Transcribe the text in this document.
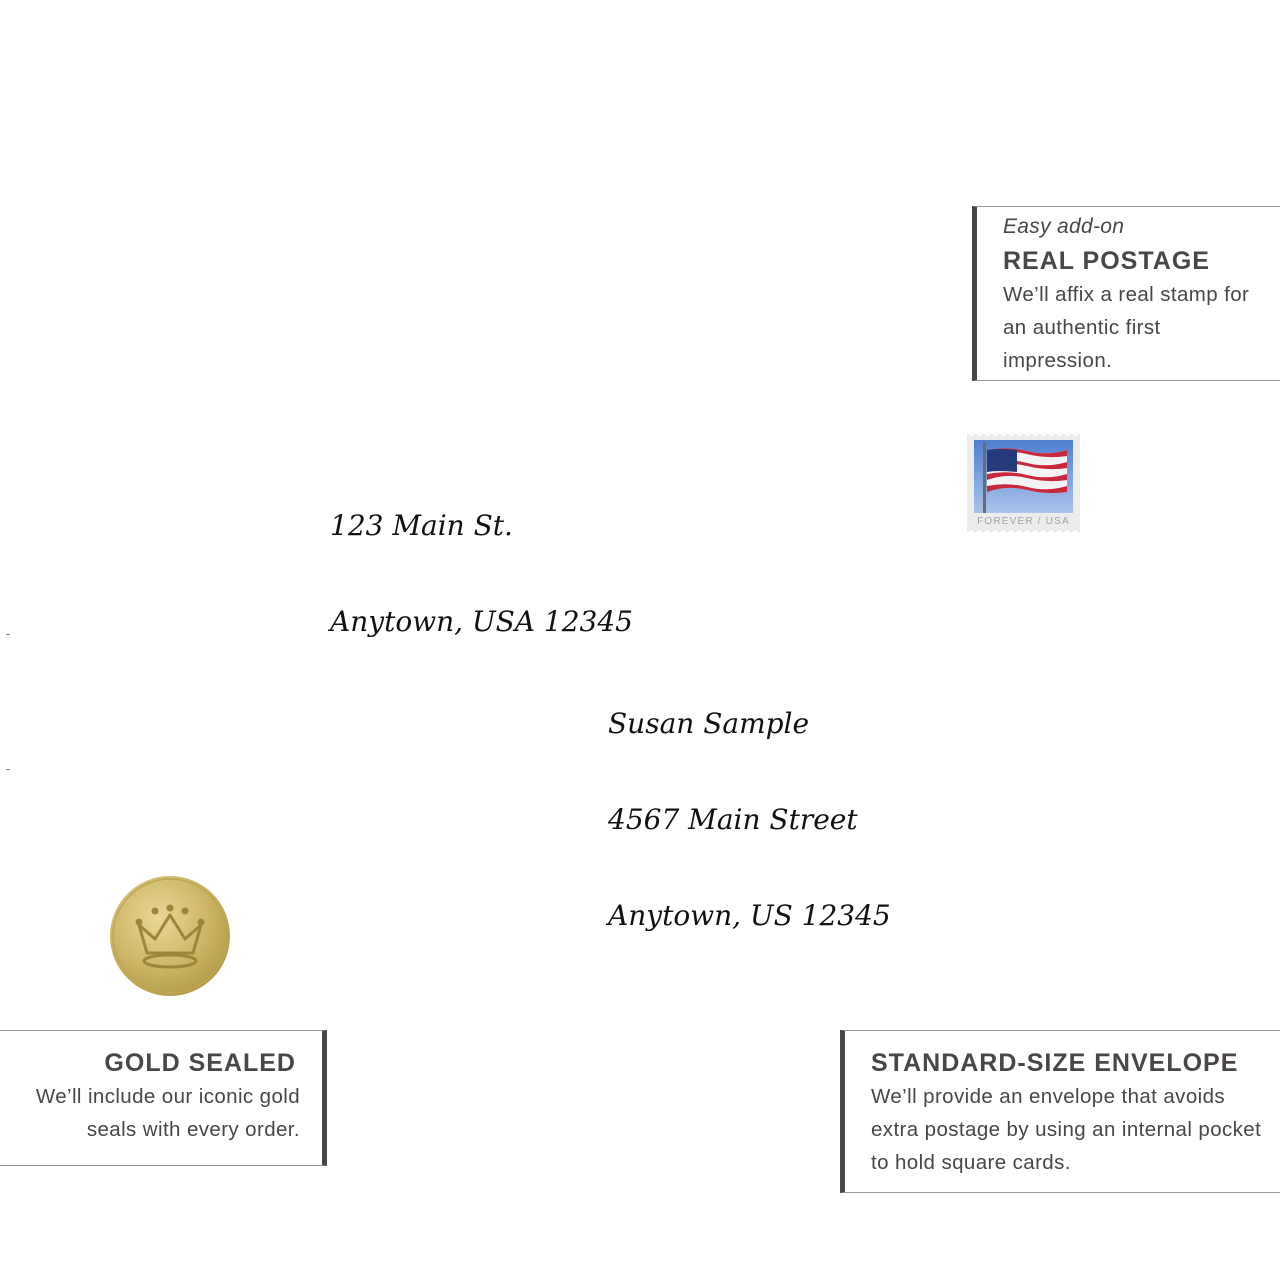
Easy add-on
REAL POSTAGE
We’ll affix a real stamp for an authentic first impression.

123 Main St.

Anytown, USA 12345

FOREVER / USA

Susan Sample

4567 Main Street

Anytown, US 12345

GOLD SEALED
We’ll include our iconic gold seals with every order.
STANDARD-SIZE ENVELOPE
We’ll provide an envelope that avoids extra postage by using an internal pocket to hold square cards.
